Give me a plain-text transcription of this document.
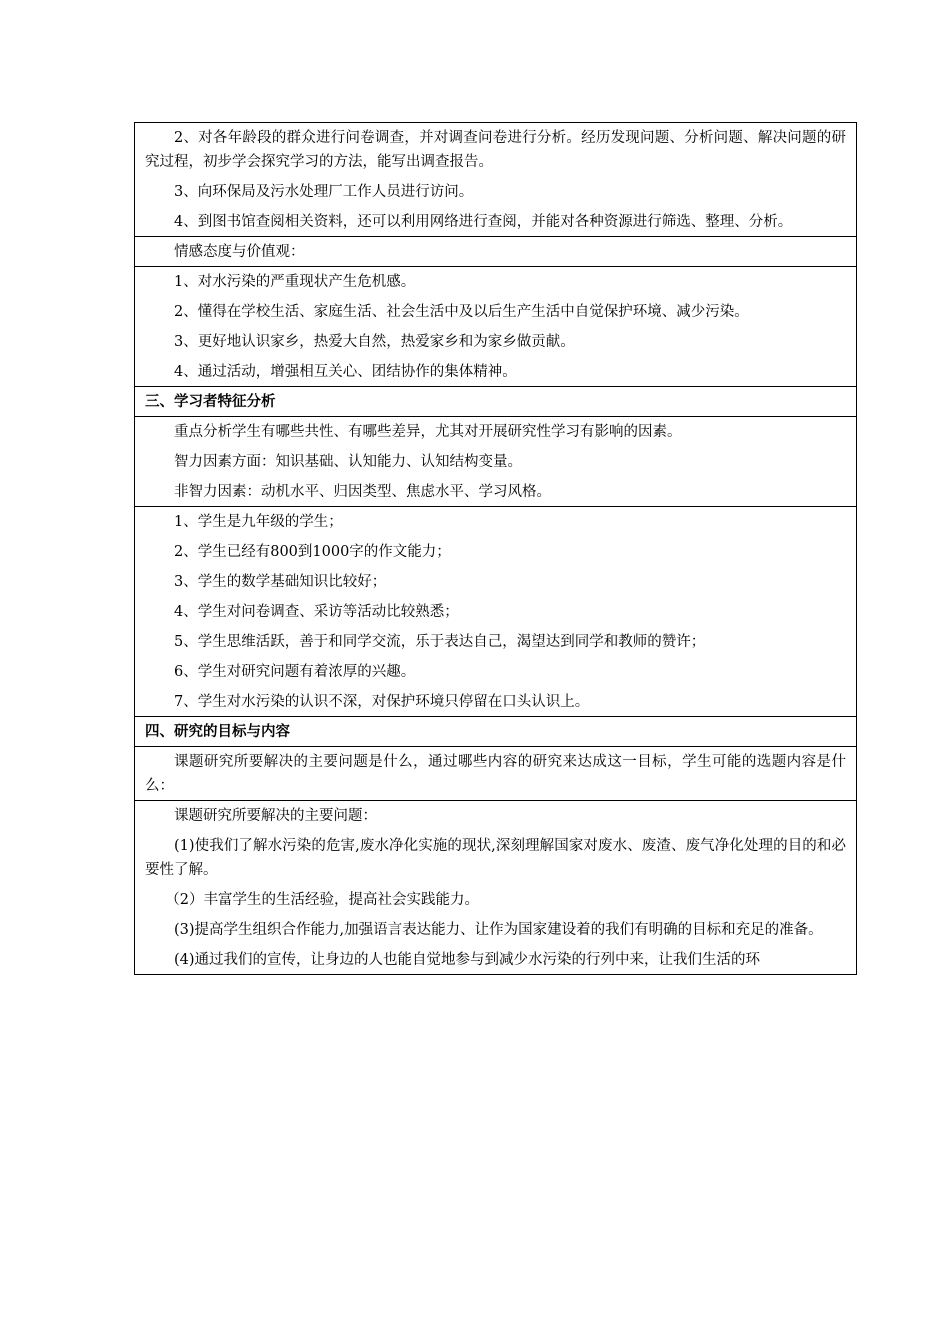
2、对各年龄段的群众进行问卷调查，并对调查问卷进行分析。经历发现问题、分析问题、解决问题的研究过程，初步学会探究学习的方法，能写出调查报告。

3、向环保局及污水处理厂工作人员进行访问。

4、到图书馆查阅相关资料，还可以利用网络进行查阅，并能对各种资源进行筛选、整理、分析。

情感态度与价值观：

1、对水污染的严重现状产生危机感。

2、懂得在学校生活、家庭生活、社会生活中及以后生产生活中自觉保护环境、减少污染。

3、更好地认识家乡，热爱大自然，热爱家乡和为家乡做贡献。

4、通过活动，增强相互关心、团结协作的集体精神。

三、学习者特征分析

重点分析学生有哪些共性、有哪些差异，尤其对开展研究性学习有影响的因素。

智力因素方面：知识基础、认知能力、认知结构变量。

非智力因素：动机水平、归因类型、焦虑水平、学习风格。

1、学生是九年级的学生；

2、学生已经有800到1000字的作文能力；

3、学生的数学基础知识比较好；

4、学生对问卷调查、采访等活动比较熟悉；

5、学生思维活跃，善于和同学交流，乐于表达自己，渴望达到同学和教师的赞许；

6、学生对研究问题有着浓厚的兴趣。

7、学生对水污染的认识不深，对保护环境只停留在口头认识上。

四、研究的目标与内容

课题研究所要解决的主要问题是什么，通过哪些内容的研究来达成这一目标，学生可能的选题内容是什么：

课题研究所要解决的主要问题：

(1)使我们了解水污染的危害,废水净化实施的现状,深刻理解国家对废水、废渣、废气净化处理的目的和必要性了解。

（2）丰富学生的生活经验，提高社会实践能力。

(3)提高学生组织合作能力,加强语言表达能力、让作为国家建设着的我们有明确的目标和充足的准备。

(4)通过我们的宣传，让身边的人也能自觉地参与到减少水污染的行列中来，让我们生活的环
